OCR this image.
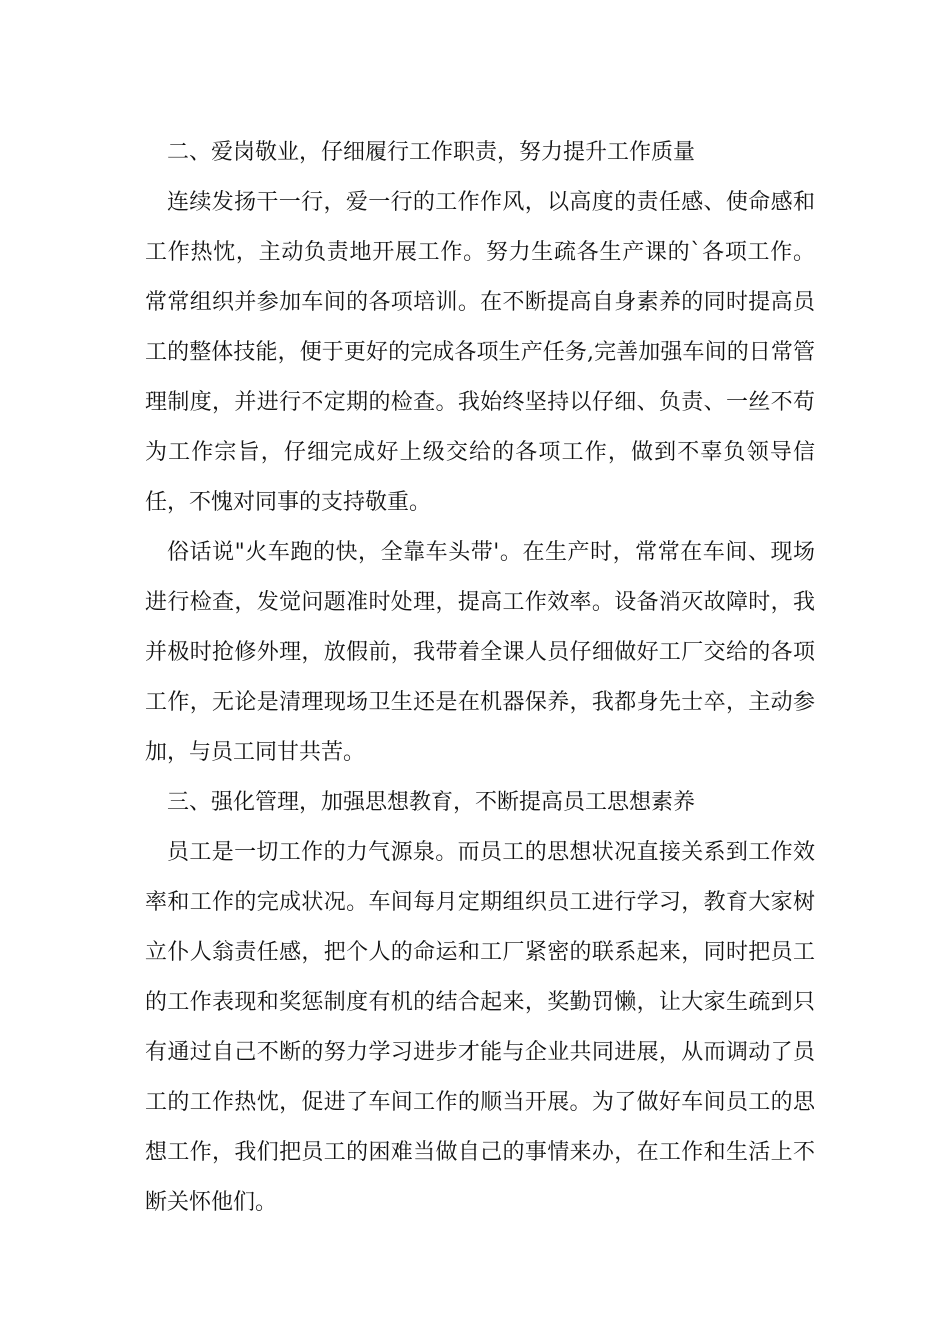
二、爱岗敬业，仔细履行工作职责，努力提升工作质量

连续发扬干一行，爱一行的工作作风，以高度的责任感、使命感和工作热忱，主动负责地开展工作。努力生疏各生产课的`各项工作。常常组织并参加车间的各项培训。在不断提高自身素养的同时提高员工的整体技能，便于更好的完成各项生产任务,完善加强车间的日常管理制度，并进行不定期的检查。我始终坚持以仔细、负责、一丝不苟为工作宗旨，仔细完成好上级交给的各项工作，做到不辜负领导信任，不愧对同事的支持敬重。

俗话说"火车跑的快，全靠车头带'。在生产时，常常在车间、现场进行检查，发觉问题准时处理，提高工作效率。设备消灭故障时，我并极时抢修外理，放假前，我带着全课人员仔细做好工厂交给的各项工作，无论是清理现场卫生还是在机器保养，我都身先士卒，主动参加，与员工同甘共苦。

三、强化管理，加强思想教育，不断提高员工思想素养

员工是一切工作的力气源泉。而员工的思想状况直接关系到工作效率和工作的完成状况。车间每月定期组织员工进行学习，教育大家树立仆人翁责任感，把个人的命运和工厂紧密的联系起来，同时把员工的工作表现和奖惩制度有机的结合起来，奖勤罚懒，让大家生疏到只有通过自己不断的努力学习进步才能与企业共同进展，从而调动了员工的工作热忱，促进了车间工作的顺当开展。为了做好车间员工的思想工作，我们把员工的困难当做自己的事情来办，在工作和生活上不断关怀他们。
